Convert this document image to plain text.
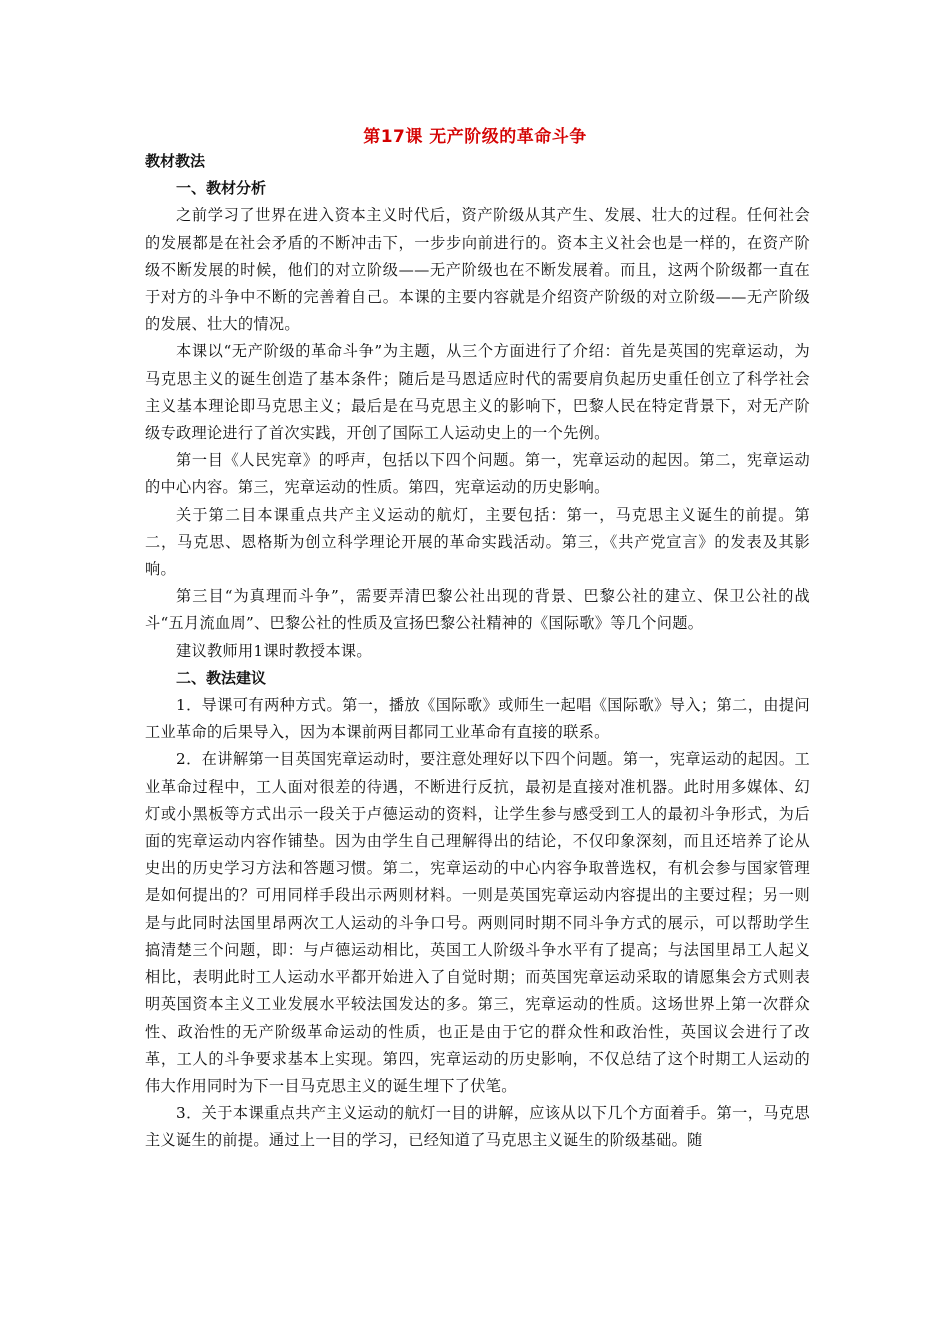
第17课 无产阶级的革命斗争
教材教法
一、教材分析

之前学习了世界在进入资本主义时代后，资产阶级从其产生、发展、壮大的过程。任何社会的发展都是在社会矛盾的不断冲击下，一步步向前进行的。资本主义社会也是一样的，在资产阶级不断发展的时候，他们的对立阶级——无产阶级也在不断发展着。而且，这两个阶级都一直在于对方的斗争中不断的完善着自己。本课的主要内容就是介绍资产阶级的对立阶级——无产阶级的发展、壮大的情况。

本课以“无产阶级的革命斗争”为主题，从三个方面进行了介绍：首先是英国的宪章运动，为马克思主义的诞生创造了基本条件；随后是马恩适应时代的需要肩负起历史重任创立了科学社会主义基本理论即马克思主义；最后是在马克思主义的影响下，巴黎人民在特定背景下，对无产阶级专政理论进行了首次实践，开创了国际工人运动史上的一个先例。

第一目《人民宪章》的呼声，包括以下四个问题。第一，宪章运动的起因。第二，宪章运动的中心内容。第三，宪章运动的性质。第四，宪章运动的历史影响。

关于第二目本课重点共产主义运动的航灯，主要包括：第一，马克思主义诞生的前提。第二，马克思、恩格斯为创立科学理论开展的革命实践活动。第三，《共产党宣言》的发表及其影响。

第三目“为真理而斗争”，需要弄清巴黎公社出现的背景、巴黎公社的建立、保卫公社的战斗“五月流血周”、巴黎公社的性质及宣扬巴黎公社精神的《国际歌》等几个问题。

建议教师用1课时教授本课。

二、教法建议

1．导课可有两种方式。第一，播放《国际歌》或师生一起唱《国际歌》导入；第二，由提问工业革命的后果导入，因为本课前两目都同工业革命有直接的联系。

2．在讲解第一目英国宪章运动时，要注意处理好以下四个问题。第一，宪章运动的起因。工业革命过程中，工人面对很差的待遇，不断进行反抗，最初是直接对准机器。此时用多媒体、幻灯或小黑板等方式出示一段关于卢德运动的资料，让学生参与感受到工人的最初斗争形式，为后面的宪章运动内容作铺垫。因为由学生自己理解得出的结论，不仅印象深刻，而且还培养了论从史出的历史学习方法和答题习惯。第二，宪章运动的中心内容争取普选权，有机会参与国家管理是如何提出的？可用同样手段出示两则材料。一则是英国宪章运动内容提出的主要过程；另一则是与此同时法国里昂两次工人运动的斗争口号。两则同时期不同斗争方式的展示，可以帮助学生搞清楚三个问题，即：与卢德运动相比，英国工人阶级斗争水平有了提高；与法国里昂工人起义相比，表明此时工人运动水平都开始进入了自觉时期；而英国宪章运动采取的请愿集会方式则表明英国资本主义工业发展水平较法国发达的多。第三，宪章运动的性质。这场世界上第一次群众性、政治性的无产阶级革命运动的性质，也正是由于它的群众性和政治性，英国议会进行了改革，工人的斗争要求基本上实现。第四，宪章运动的历史影响，不仅总结了这个时期工人运动的伟大作用同时为下一目马克思主义的诞生埋下了伏笔。

3．关于本课重点共产主义运动的航灯一目的讲解，应该从以下几个方面着手。第一，马克思主义诞生的前提。通过上一目的学习，已经知道了马克思主义诞生的阶级基础。随
